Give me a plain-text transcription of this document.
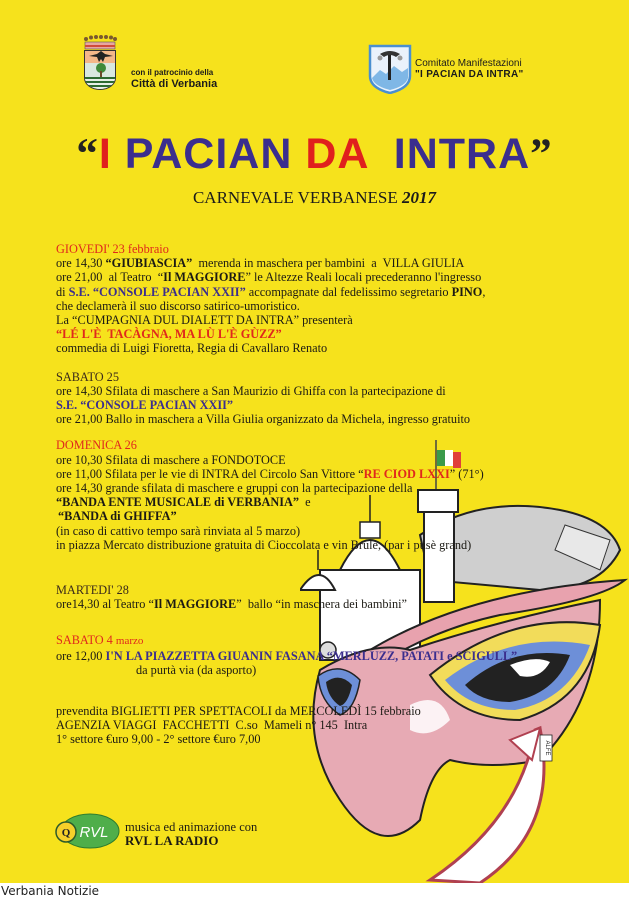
con il patrocinio della
Città di Verbania
Comitato Manifestazioni
"I PACIAN DA INTRA"
“I PACIAN DA  INTRA”
CARNEVALE VERBANESE 2017
GIOVEDI' 23 febbraio
ore 14,30 “GIUBIASCIA”  merenda in maschera per bambini  a  VILLA GIULIA
ore 21,00  al Teatro  “Il MAGGIORE” le Altezze Reali locali precederanno l'ingresso
di S.E. “CONSOLE PACIAN XXII” accompagnate dal fedelissimo segretario PINO,
che declamerà il suo discorso satirico-umoristico.
La “CUMPAGNIA DUL DIALETT DA INTRA” presenterà
“LÉ L'È  TACÀGNA, MA LÙ L'È GÙZZ”
commedia di Luigi Fioretta, Regia di Cavallaro Renato
SABATO 25
ore 14,30 Sfilata di maschere a San Maurizio di Ghiffa con la partecipazione di
S.E. “CONSOLE PACIAN XXII”
ore 21,00 Ballo in maschera a Villa Giulia organizzato da Michela, ingresso gratuito
DOMENICA 26
ore 10,30 Sfilata di maschere a FONDOTOCE
ore 11,00 Sfilata per le vie di INTRA del Circolo San Vittore “RE CIOD LXXI” (71°)
ore 14,30 grande sfilata di maschere e gruppi con la partecipazione della
“BANDA ENTE MUSICALE di VERBANIA”  e
“BANDA di GHIFFA”
(in caso di cattivo tempo sarà rinviata al 5 marzo)
in piazza Mercato distribuzione gratuita di Cioccolata e vin Brulè, (par i pusè grand)
MARTEDI' 28
ore14,30 al Teatro “Il MAGGIORE”  ballo “in maschera dei bambini”
SABATO 4 marzo
ore 12,00 I'N LA PIAZZETTA GIUANIN FASANA “MERLUZZ, PATATI e SCIGULL”
da purtà via (da asporto)
prevendita BIGLIETTI PER SPETTACOLI da MERCOLEDÌ 15 febbraio
AGENZIA VIAGGI  FACCHETTI  C.so  Mameli n° 145  Intra
1° settore €uro 9,00 - 2° settore €uro 7,00
ALFE
Q RVL musica ed animazione con
RVL LA RADIO
Verbania Notizie
